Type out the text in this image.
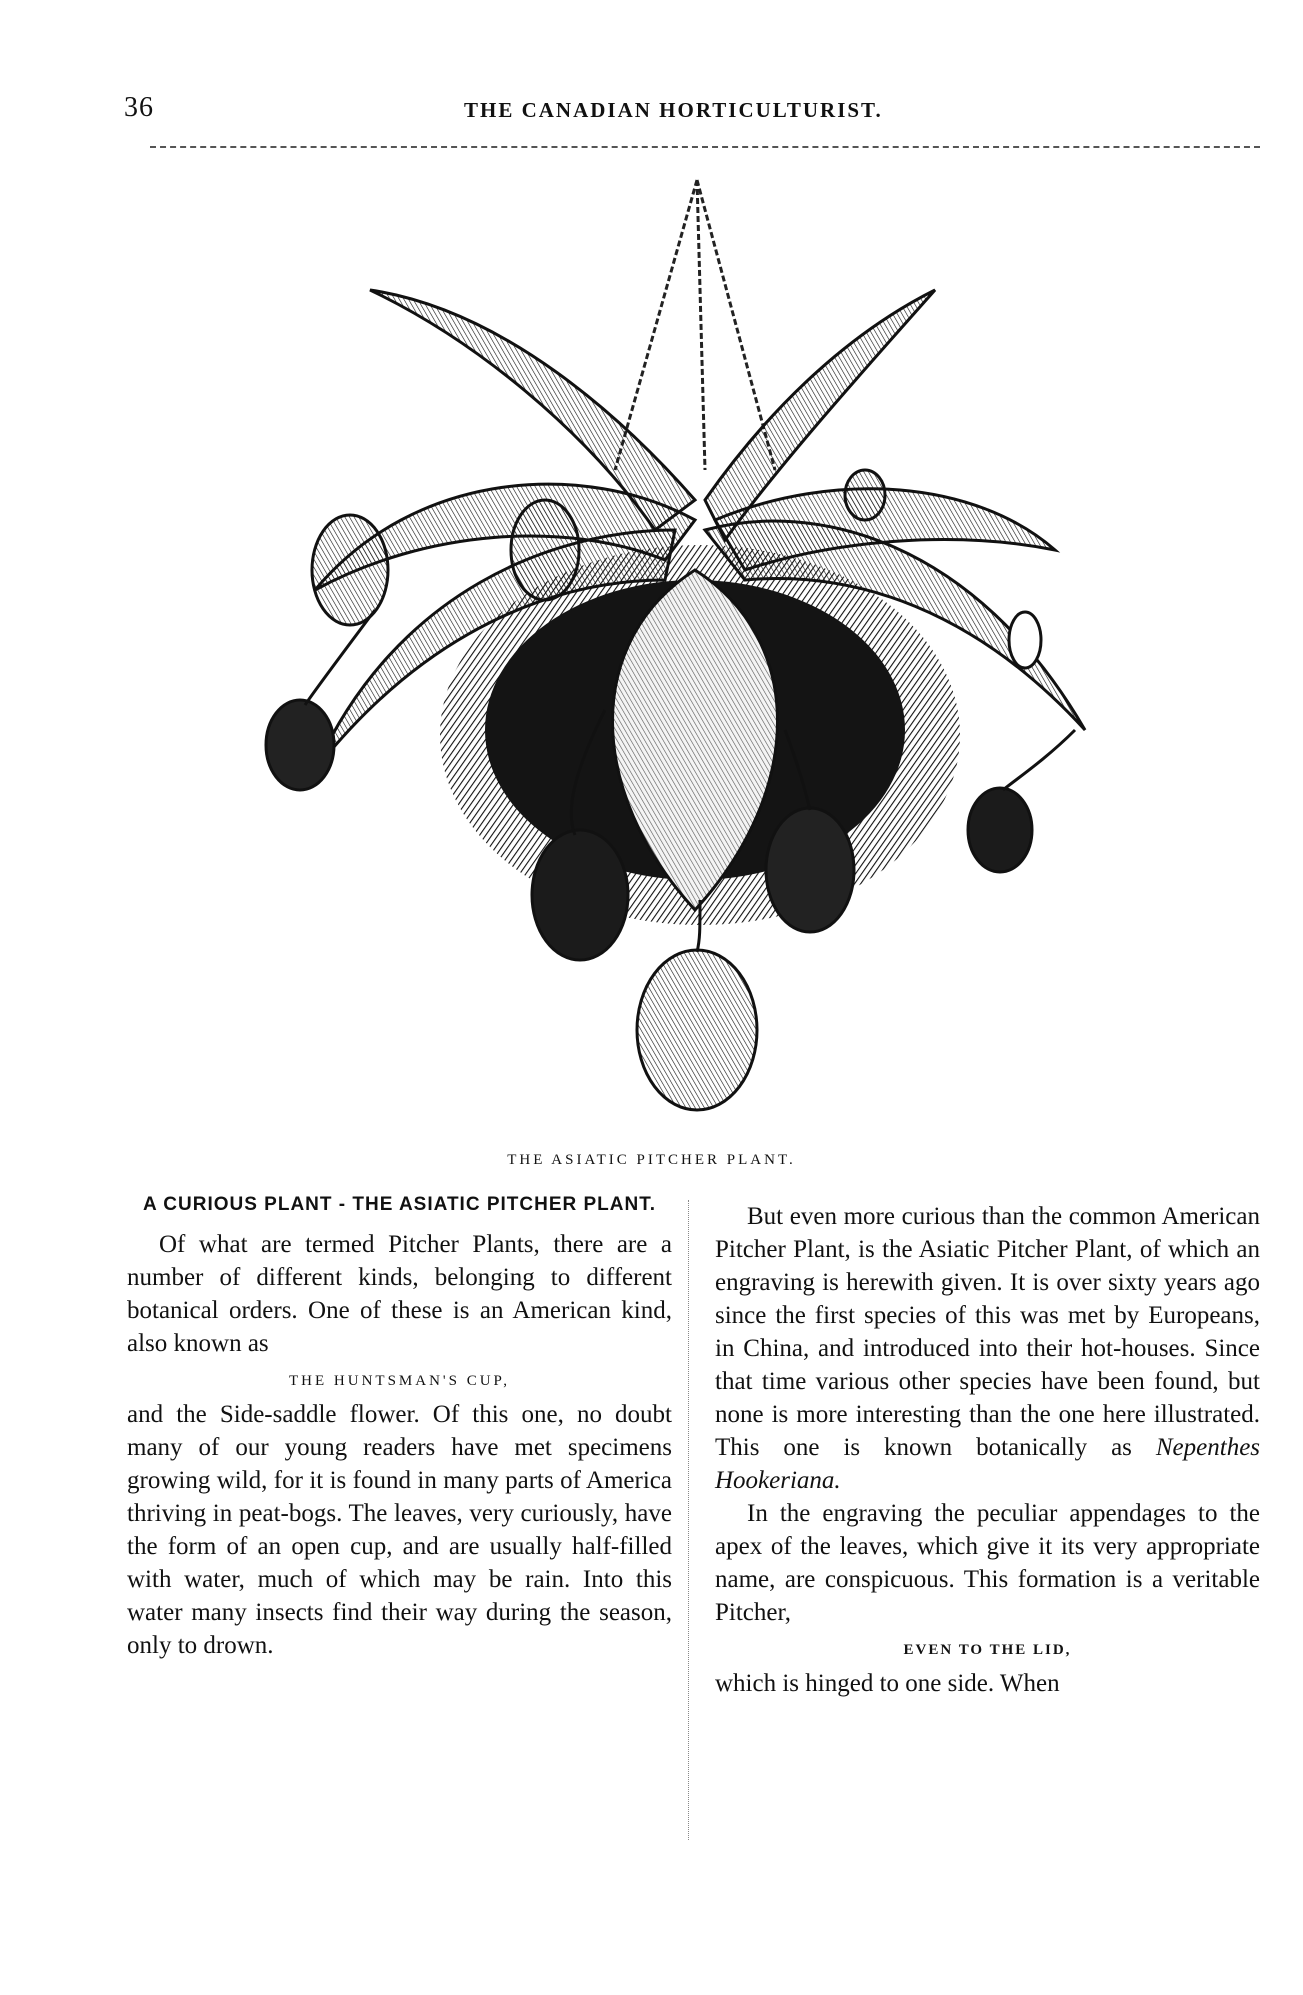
36	THE CANADIAN HORTICULTURIST.
THE ASIATIC PITCHER PLANT.
A CURIOUS PLANT - THE ASIATIC PITCHER PLANT.

Of what are termed Pitcher Plants, there are a number of different kinds, belonging to different botanical orders. One of these is an American kind, also known as

THE HUNTSMAN'S CUP,

and the Side-saddle flower. Of this one, no doubt many of our young readers have met specimens growing wild, for it is found in many parts of America thriving in peat-bogs. The leaves, very curiously, have the form of an open cup, and are usually half-filled with water, much of which may be rain. Into this water many insects find their way during the season, only to drown.

But even more curious than the common American Pitcher Plant, is the Asiatic Pitcher Plant, of which an engraving is herewith given. It is over sixty years ago since the first species of this was met by Europeans, in China, and introduced into their hot-houses. Since that time various other species have been found, but none is more interesting than the one here illustrated. This one is known botanically as Nepenthes Hookeriana.

In the engraving the peculiar appendages to the apex of the leaves, which give it its very appropriate name, are conspicuous. This formation is a veritable Pitcher,

EVEN TO THE LID,

which is hinged to one side. When
